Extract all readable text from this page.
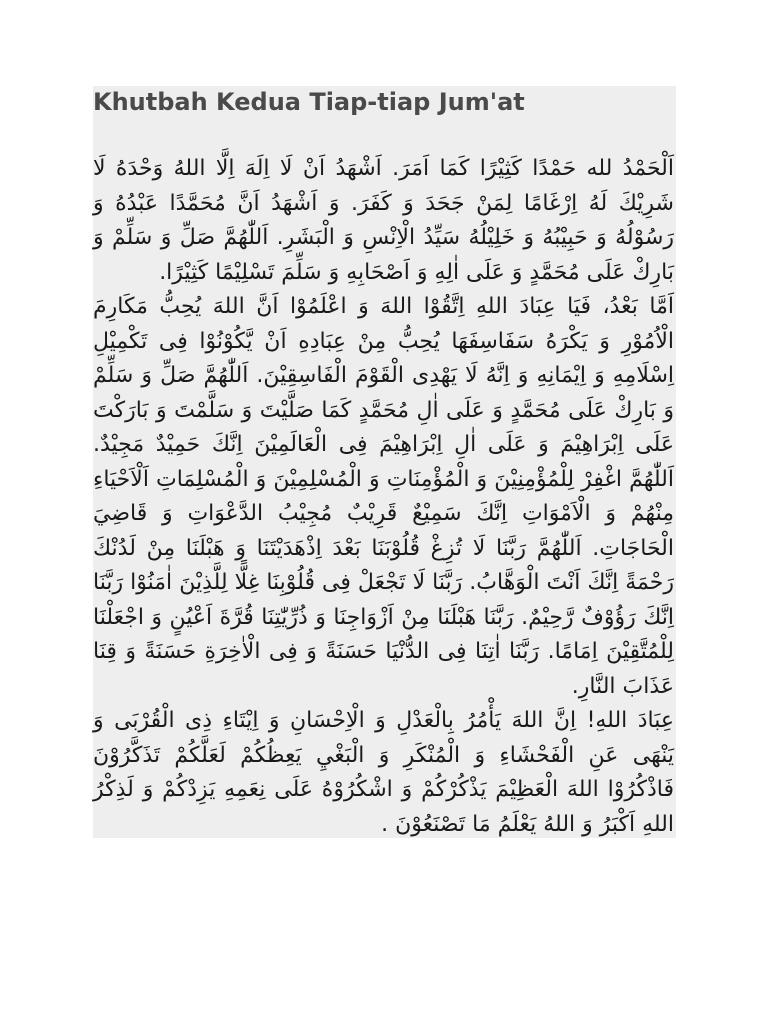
Khutbah Kedua Tiap-tiap Jum'at

اَلْحَمْدُ لله حَمْدًا كَثِيْرًا كَمَا اَمَرَ. اَشْهَدُ اَنْ لَا اِلَهَ اِلَّا اللهُ وَحْدَهُ لَا شَرِيْكَ لَهُ اِرْغَامًا لِمَنْ جَحَدَ وَ كَفَرَ. وَ اَشْهَدُ اَنَّ مُحَمَّدًا عَبْدُهُ وَ رَسُوْلُهُ وَ حَبِيْبُهُ وَ خَلِيْلُهُ سَيِّدُ الْاِنْسِ وَ الْبَشَرِ. اَللّٰهُمَّ صَلِّ وَ سَلِّمْ وَ بَارِكْ عَلَى مُحَمَّدٍ وَ عَلَى اٰلِهِ وَ اَصْحَابِهِ وَ سَلِّمَ تَسْلِيْمًا كَثِيْرًا.

اَمَّا بَعْدُ، فَيَا عِبَادَ اللهِ اِتَّقُوْا اللهَ وَ اعْلَمُوْا اَنَّ اللهَ يُحِبُّ مَكَارِمَ الْاُمُوْرِ وَ يَكْرَهُ سَفَاسِفَهَا يُحِبُّ مِنْ عِبَادِهِ اَنْ يَّكُوْنُوْا فِى تَكْمِيْلِ اِسْلَامِهِ وَ اِيْمَانِهِ وَ اِنَّهُ لَا يَهْدِى الْقَوْمَ الْفَاسِقِيْنَ. اَللّٰهُمَّ صَلِّ وَ سَلِّمْ وَ بَارِكْ عَلَى مُحَمَّدٍ وَ عَلَى اٰلِ مُحَمَّدٍ كَمَا صَلَّيْتَ وَ سَلَّمْتَ وَ بَارَكْتَ عَلَى اِبْرَاهِيْمَ وَ عَلَى اٰلِ اِبْرَاهِيْمَ فِى الْعَالَمِيْنَ اِنَّكَ حَمِيْدٌ مَجِيْدٌ. اَللّٰهُمَّ اغْفِرْ لِلْمُؤْمِنِيْنَ وَ الْمُؤْمِنَاتِ وَ الْمُسْلِمِيْنَ وَ الْمُسْلِمَاتِ اَلْاَحْيَاءِ مِنْهُمْ وَ الْاَمْوَاتِ اِنَّكَ سَمِيْعٌ قَرِيْبٌ مُجِيْبُ الدَّعْوَاتِ وَ قَاضِيَ الْحَاجَاتِ. اَللّٰهُمَّ رَبَّنَا لَا تُزِغْ قُلُوْبَنَا بَعْدَ اِذْهَدَيْتَنَا وَ هَبْلَنَا مِنْ لَدُنْكَ رَحْمَةً اِنَّكَ اَنْتَ الْوَهَّابُ. رَبَّنَا لَا تَجْعَلْ فِى قُلُوْبِنَا غِلًّا لِلَّذِيْنَ اٰمَنُوْا رَبَّنَا اِنَّكَ رَؤُوْفٌ رَّحِيْمٌ. رَبَّنَا هَبْلَنَا مِنْ اَزْوَاجِنَا وَ ذُرِّيّٰتِنَا قُرَّةَ اَعْيُنٍ وَ اجْعَلْنَا لِلْمُتَّقِيْنَ اِمَامًا. رَبَّنَا اٰتِنَا فِى الدُّنْيَا حَسَنَةً وَ فِى الْاٰخِرَةِ حَسَنَةً وَ قِنَا عَذَابَ النَّارِ.

عِبَادَ اللهِ! اِنَّ اللهَ يَأْمُرُ بِالْعَدْلِ وَ الْاِحْسَانِ وَ اِيْتَاءِ ذِى الْقُرْبَى وَ يَنْهَى عَنِ الْفَحْشَاءِ وَ الْمُنْكَرِ وَ الْبَغْيِ يَعِظُكُمْ لَعَلَّكُمْ تَذَكَّرُوْنَ فَاذْكُرُوْا اللهَ الْعَظِيْمَ يَذْكُرْكُمْ وَ اشْكُرُوْهُ عَلَى نِعَمِهِ يَزِدْكُمْ وَ لَذِكْرُ اللهِ اَكْبَرُ وَ اللهُ يَعْلَمُ مَا تَصْنَعُوْنَ .
